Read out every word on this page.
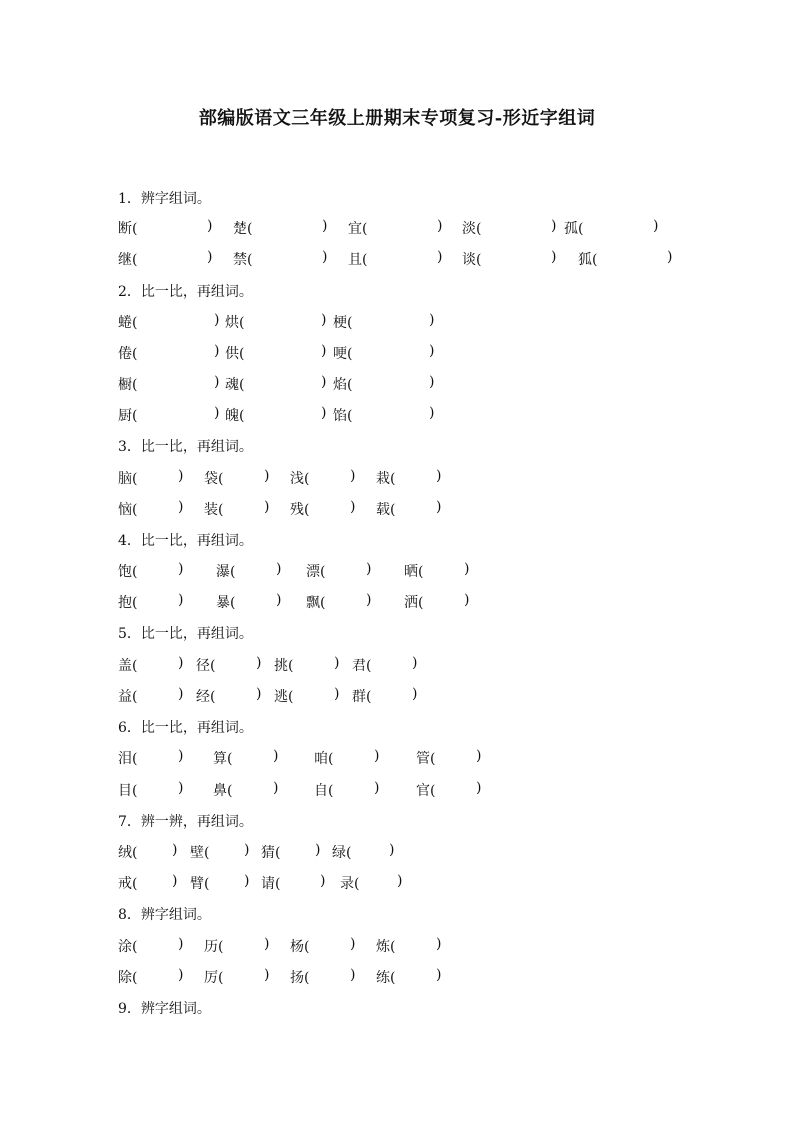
部编版语文三年级上册期末专项复习-形近字组词
1．辨字组词。
断 (	) 楚 (	) 宜 (	) 淡 (	) 孤 (	)
继 (	) 禁 (	) 且 (	) 谈 (	) 狐 (	)
2．比一比，再组词。
蜷 (	) 烘 (	) 梗 (	)
倦 (	) 供 (	) 哽 (	)
橱 (	) 魂 (	) 焰 (	)
厨 (	) 魄 (	) 馅 (	)
3．比一比，再组词。
脑 (	) 袋 (	) 浅 (	) 栽 (	)
恼 (	) 装 (	) 残 (	) 载 (	)
4．比一比，再组词。
饱 (	) 瀑 (	) 漂 (	) 晒 (	)
抱 (	) 暴 (	) 飘 (	) 洒 (	)
5．比一比，再组词。
盖 (	) 径 (	) 挑 (	) 君 (	)
益 (	) 经 (	) 逃 (	) 群 (	)
6．比一比，再组词。
泪 (	) 算 (	)	咱 (	)	管 (	)
目 (	) 鼻 (	)	自 (	)	官 (	)
7．辨一辨，再组词。
绒 (	) 壁 (	) 猜 (	) 绿 (	)
戒 (	) 臂 (	) 请 (	) 录 (	)
8．辨字组词。
涂 (	) 历 (	) 杨 (	) 炼 (	)
除 (	) 厉 (	) 扬 (	) 练 (	)
9．辨字组词。
